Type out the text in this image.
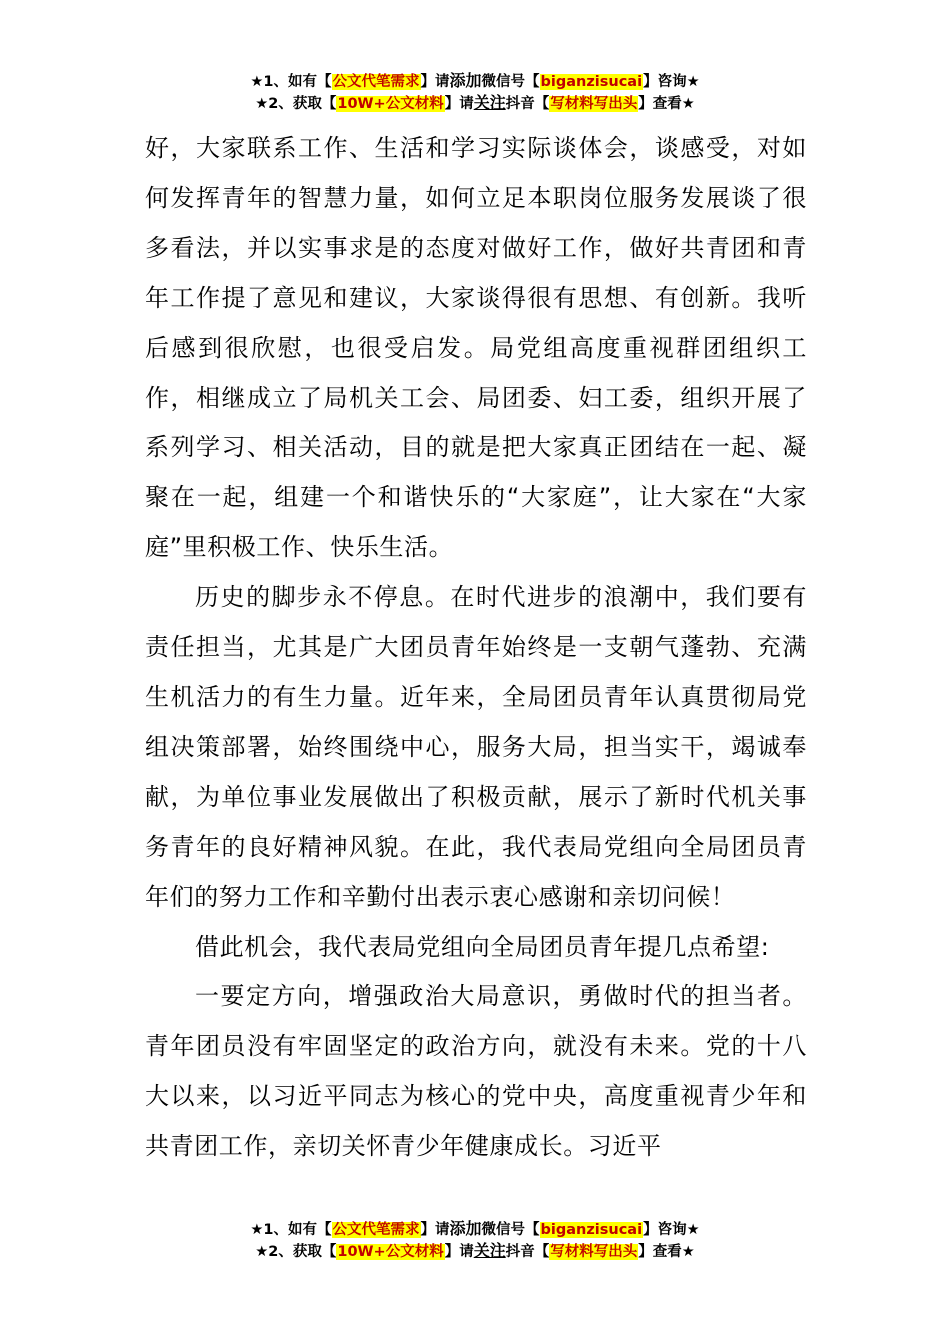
★1、如有【公文代笔需求】请添加微信号【biganzisucai】咨询★
★2、获取【10W+公文材料】请关注抖音【写材料写出头】查看★

好，大家联系工作、生活和学习实际谈体会，谈感受，对如何发挥青年的智慧力量，如何立足本职岗位服务发展谈了很多看法，并以实事求是的态度对做好工作，做好共青团和青年工作提了意见和建议，大家谈得很有思想、有创新。我听后感到很欣慰，也很受启发。局党组高度重视群团组织工作，相继成立了局机关工会、局团委、妇工委，组织开展了系列学习、相关活动，目的就是把大家真正团结在一起、凝聚在一起，组建一个和谐快乐的“大家庭”，让大家在“大家庭”里积极工作、快乐生活。

历史的脚步永不停息。在时代进步的浪潮中，我们要有责任担当，尤其是广大团员青年始终是一支朝气蓬勃、充满生机活力的有生力量。近年来，全局团员青年认真贯彻局党组决策部署，始终围绕中心，服务大局，担当实干，竭诚奉献，为单位事业发展做出了积极贡献，展示了新时代机关事务青年的良好精神风貌。在此，我代表局党组向全局团员青年们的努力工作和辛勤付出表示衷心感谢和亲切问候！

借此机会，我代表局党组向全局团员青年提几点希望:

一要定方向，增强政治大局意识，勇做时代的担当者。青年团员没有牢固坚定的政治方向，就没有未来。党的十八大以来，以习近平同志为核心的党中央，高度重视青少年和共青团工作，亲切关怀青少年健康成长。习近平

★1、如有【公文代笔需求】请添加微信号【biganzisucai】咨询★
★2、获取【10W+公文材料】请关注抖音【写材料写出头】查看★
